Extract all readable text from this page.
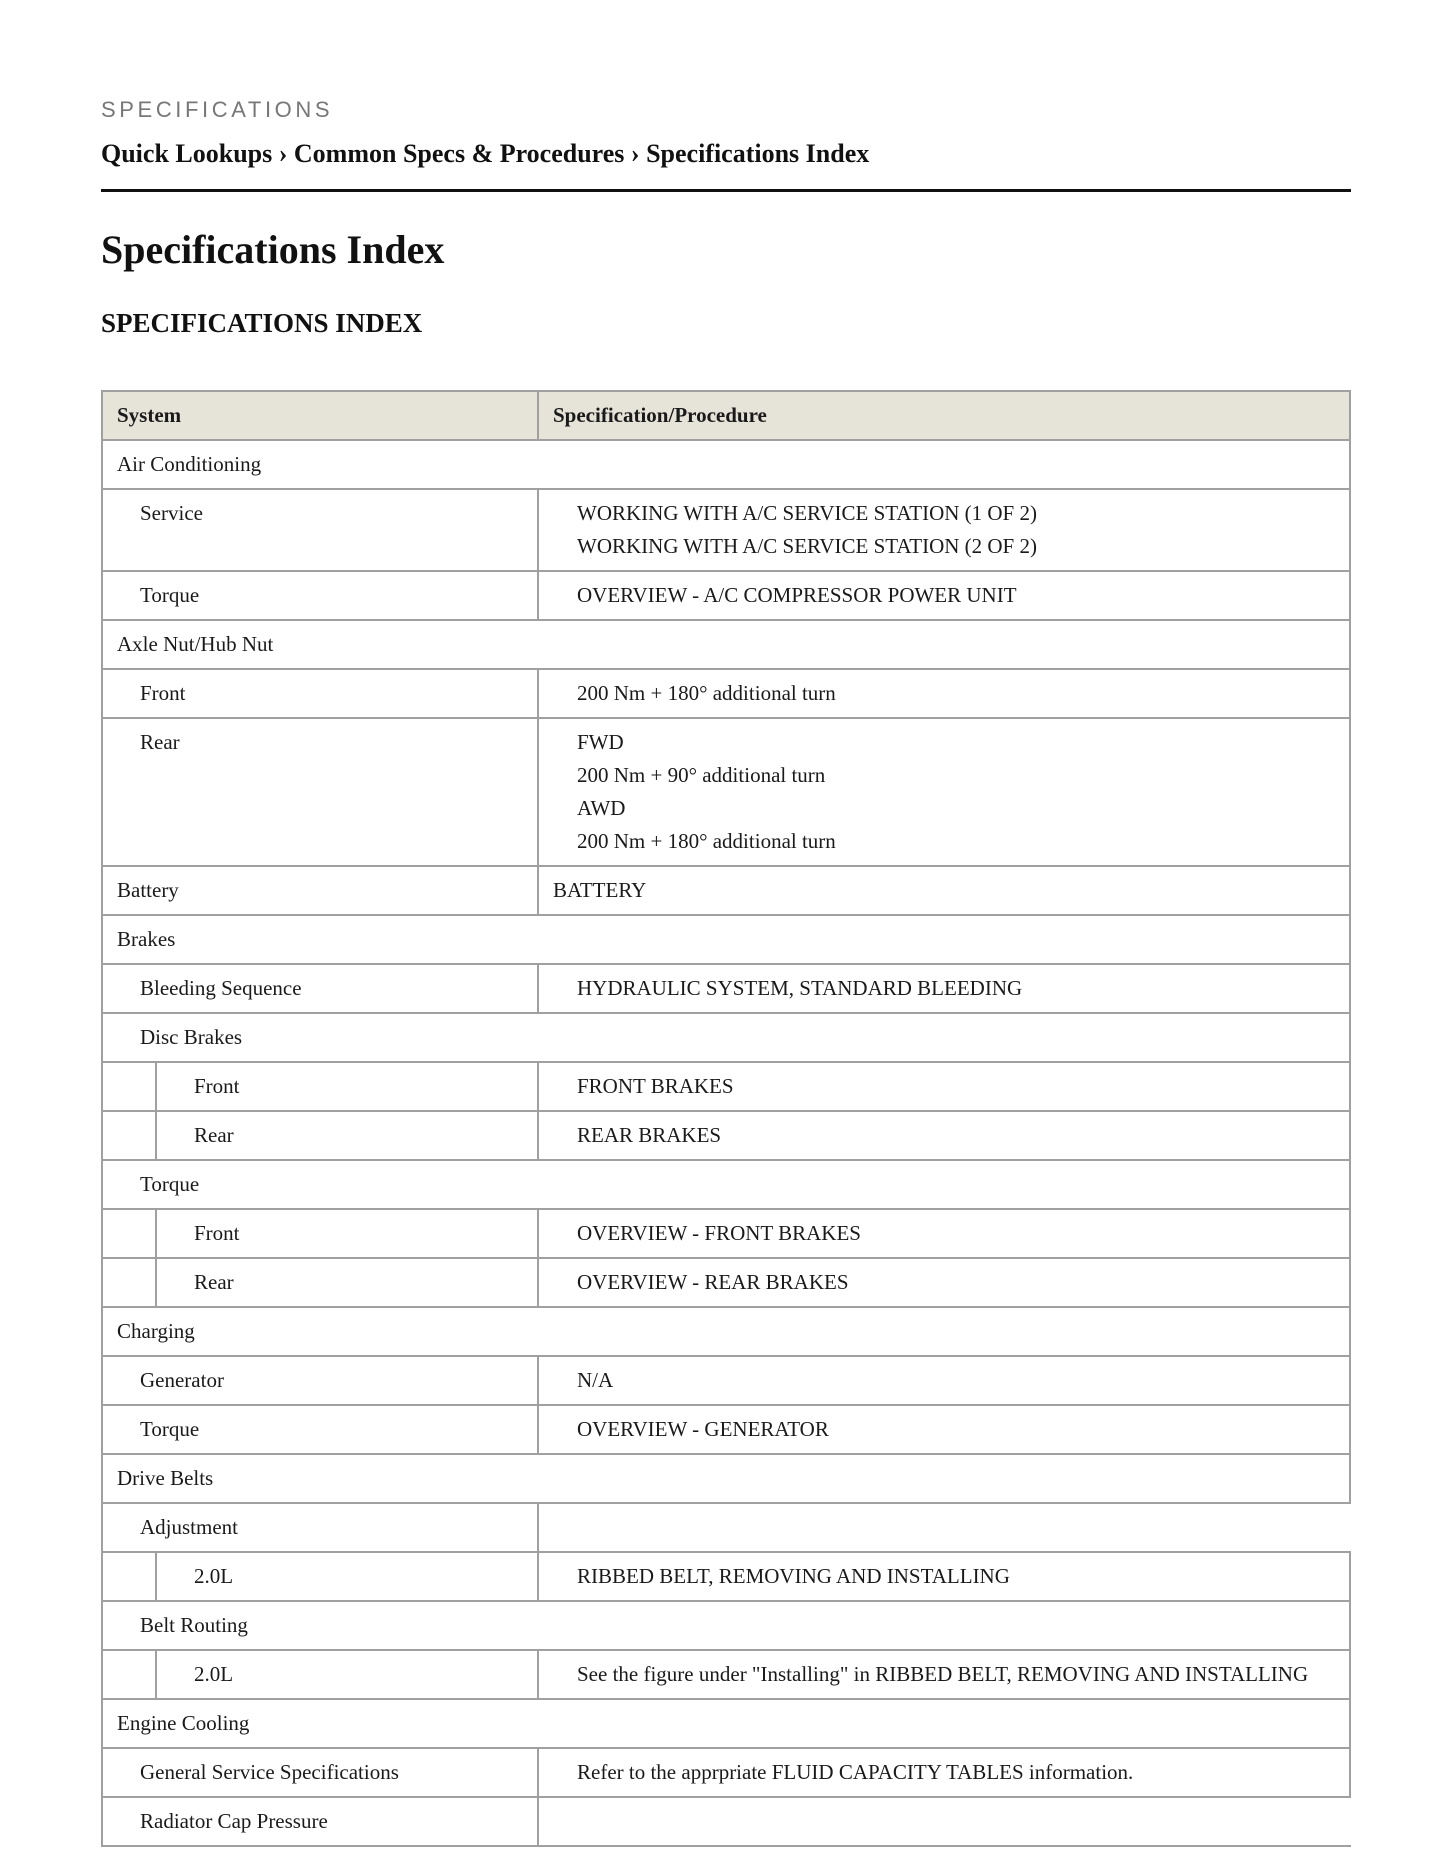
SPECIFICATIONS
Quick Lookups › Common Specs & Procedures › Specifications Index
Specifications Index
SPECIFICATIONS INDEX
System	Specification/Procedure
Air Conditioning
Service	WORKING WITH A/C SERVICE STATION (1 OF 2)
WORKING WITH A/C SERVICE STATION (2 OF 2)
Torque	OVERVIEW - A/C COMPRESSOR POWER UNIT
Axle Nut/Hub Nut
Front	200 Nm + 180° additional turn
Rear	FWD
200 Nm + 90° additional turn
AWD
200 Nm + 180° additional turn
Battery	BATTERY
Brakes
Bleeding Sequence	HYDRAULIC SYSTEM, STANDARD BLEEDING
Disc Brakes
Front	FRONT BRAKES
Rear	REAR BRAKES
Torque
Front	OVERVIEW - FRONT BRAKES
Rear	OVERVIEW - REAR BRAKES
Charging
Generator	N/A
Torque	OVERVIEW - GENERATOR
Drive Belts
Adjustment

2.0L	RIBBED BELT, REMOVING AND INSTALLING
Belt Routing
2.0L	See the figure under "Installing" in RIBBED BELT, REMOVING AND INSTALLING
Engine Cooling
General Service Specifications	Refer to the apprpriate FLUID CAPACITY TABLES information.
Radiator Cap Pressure
